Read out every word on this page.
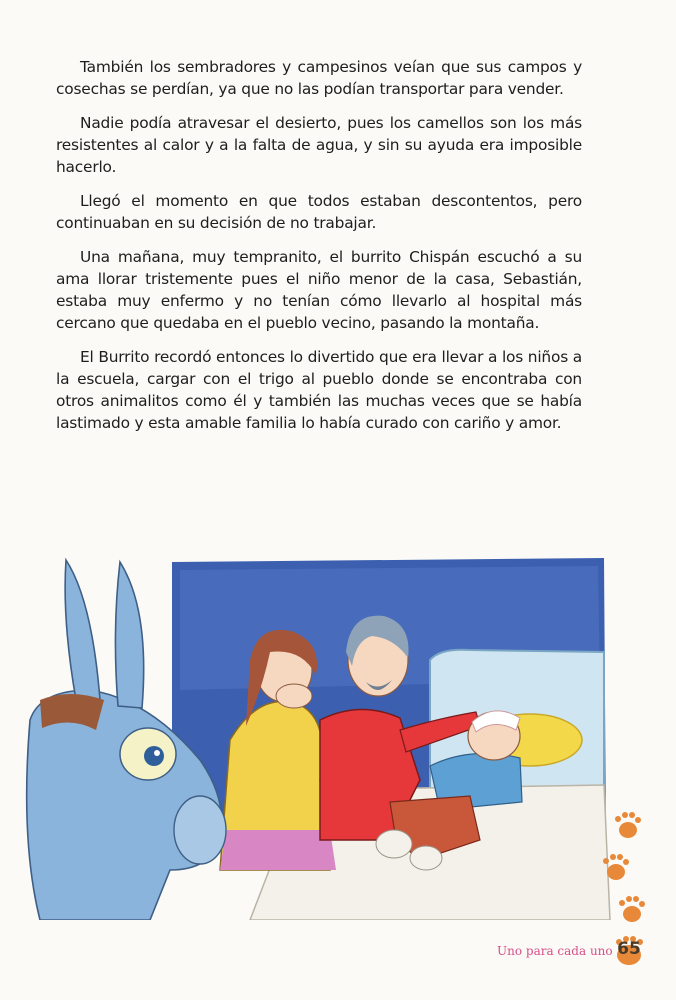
También los sembradores y campesinos veían que sus campos y cosechas se perdían, ya que no las podían transportar para vender.

Nadie podía atravesar el desierto, pues los camellos son los más resistentes al calor y a la falta de agua, y sin su ayuda era imposible hacerlo.

Llegó el momento en que todos estaban descontentos, pero continuaban en su decisión de no trabajar.

Una mañana, muy tempranito, el burrito Chispán escuchó a su ama llorar tristemente pues el niño menor de la casa, Sebastián, estaba muy enfermo y no tenían cómo llevarlo al hospital más cercano que quedaba en el pueblo vecino, pasando la montaña.

El Burrito recordó entonces lo divertido que era llevar a los niños a la escuela, cargar con el trigo al pueblo donde se encontraba con otros animalitos como él y también las muchas veces que se había lastimado y esta amable familia lo había curado con cariño y amor.

Uno para cada uno 65
